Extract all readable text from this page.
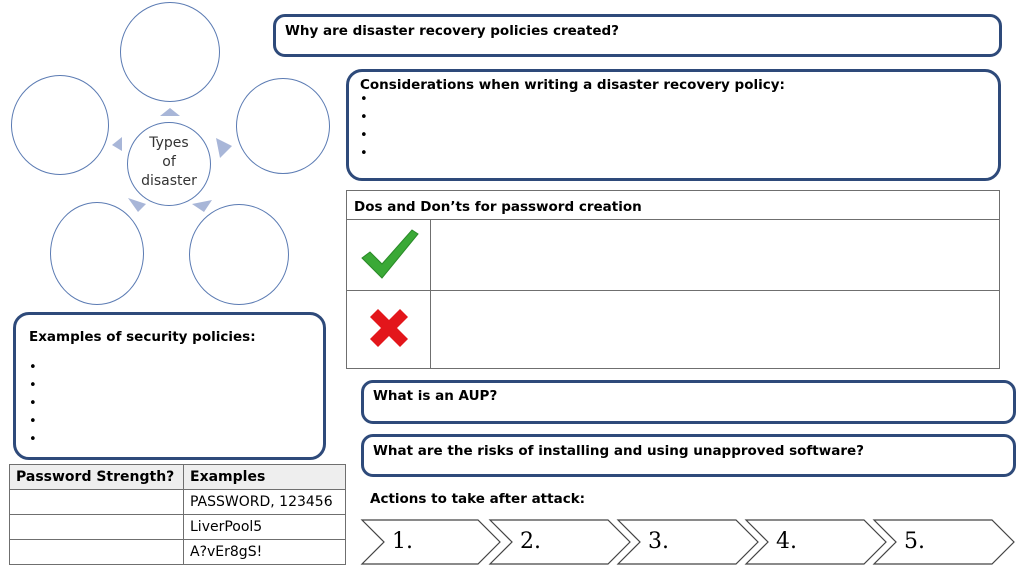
Types
of
disaster
Why are disaster recovery policies created?
Considerations when writing a disaster recovery policy:
•
•
•
•
Dos and Don’ts for password creation	

Examples of security policies:
•
•
•
•
•
What is an AUP?
What are the risks of installing and using unapproved software?
Password Strength?	Examples
	PASSWORD, 123456
	LiverPool5
	A?vEr8gS!
Actions to take after attack:
1.	2.	3.	4.	5.
